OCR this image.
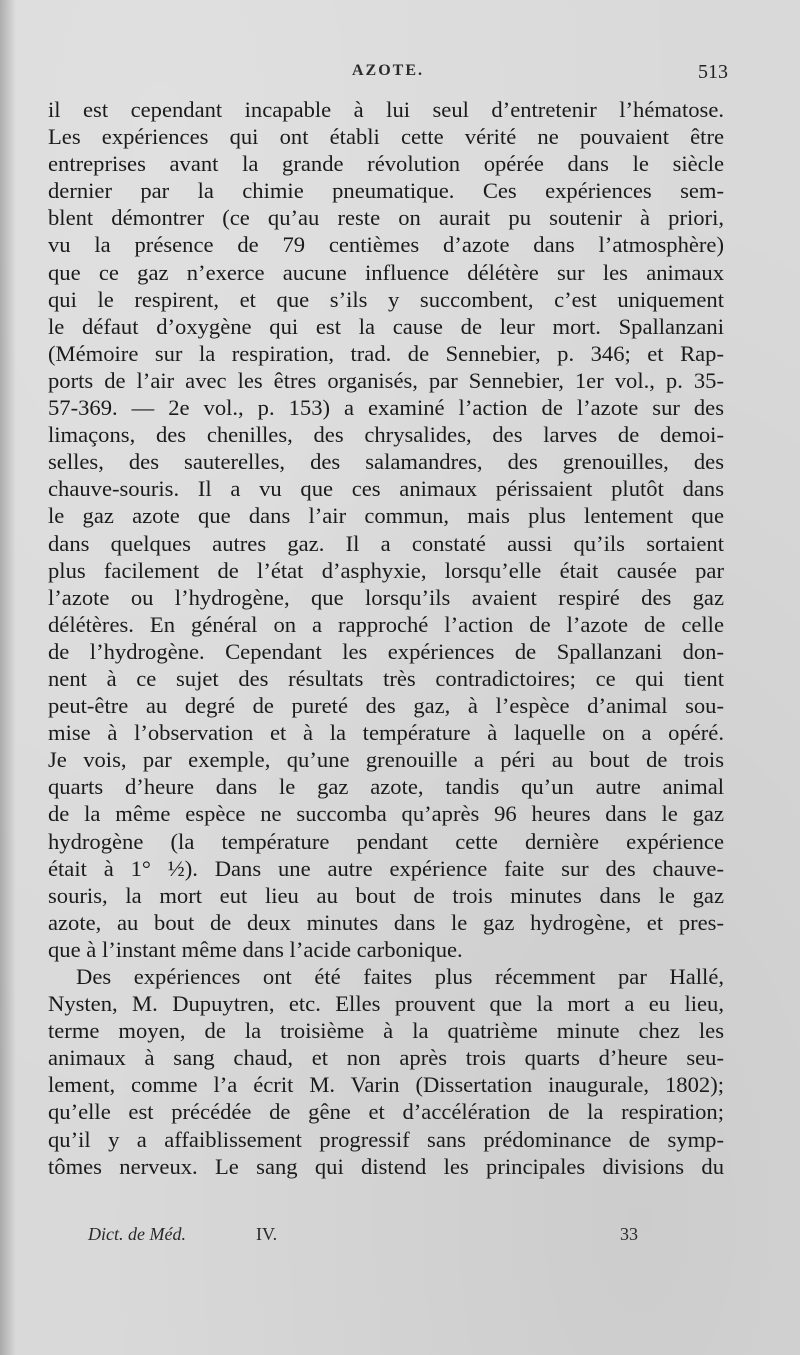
AZOTE.	513
il est cependant incapable à lui seul d’entretenir l’hématose.
Les expériences qui ont établi cette vérité ne pouvaient être
entreprises avant la grande révolution opérée dans le siècle
dernier par la chimie pneumatique. Ces expériences sem-
blent démontrer (ce qu’au reste on aurait pu soutenir à priori,
vu la présence de 79 centièmes d’azote dans l’atmosphère)
que ce gaz n’exerce aucune influence délétère sur les animaux
qui le respirent, et que s’ils y succombent, c’est uniquement
le défaut d’oxygène qui est la cause de leur mort. Spallanzani
(Mémoire sur la respiration, trad. de Sennebier, p. 346; et Rap-
ports de l’air avec les êtres organisés, par Sennebier, 1er vol., p. 35-
57-369. — 2e vol., p. 153) a examiné l’action de l’azote sur des
limaçons, des chenilles, des chrysalides, des larves de demoi-
selles, des sauterelles, des salamandres, des grenouilles, des
chauve-souris. Il a vu que ces animaux périssaient plutôt dans
le gaz azote que dans l’air commun, mais plus lentement que
dans quelques autres gaz. Il a constaté aussi qu’ils sortaient
plus facilement de l’état d’asphyxie, lorsqu’elle était causée par
l’azote ou l’hydrogène, que lorsqu’ils avaient respiré des gaz
délétères. En général on a rapproché l’action de l’azote de celle
de l’hydrogène. Cependant les expériences de Spallanzani don-
nent à ce sujet des résultats très contradictoires; ce qui tient
peut-être au degré de pureté des gaz, à l’espèce d’animal sou-
mise à l’observation et à la température à laquelle on a opéré.
Je vois, par exemple, qu’une grenouille a péri au bout de trois
quarts d’heure dans le gaz azote, tandis qu’un autre animal
de la même espèce ne succomba qu’après 96 heures dans le gaz
hydrogène (la température pendant cette dernière expérience
était à 1° ½). Dans une autre expérience faite sur des chauve-
souris, la mort eut lieu au bout de trois minutes dans le gaz
azote, au bout de deux minutes dans le gaz hydrogène, et pres-
que à l’instant même dans l’acide carbonique.
Des expériences ont été faites plus récemment par Hallé,
Nysten, M. Dupuytren, etc. Elles prouvent que la mort a eu lieu,
terme moyen, de la troisième à la quatrième minute chez les
animaux à sang chaud, et non après trois quarts d’heure seu-
lement, comme l’a écrit M. Varin (Dissertation inaugurale, 1802);
qu’elle est précédée de gêne et d’accélération de la respiration;
qu’il y a affaiblissement progressif sans prédominance de symp-
tômes nerveux. Le sang qui distend les principales divisions du
Dict. de Méd.	IV.	33
